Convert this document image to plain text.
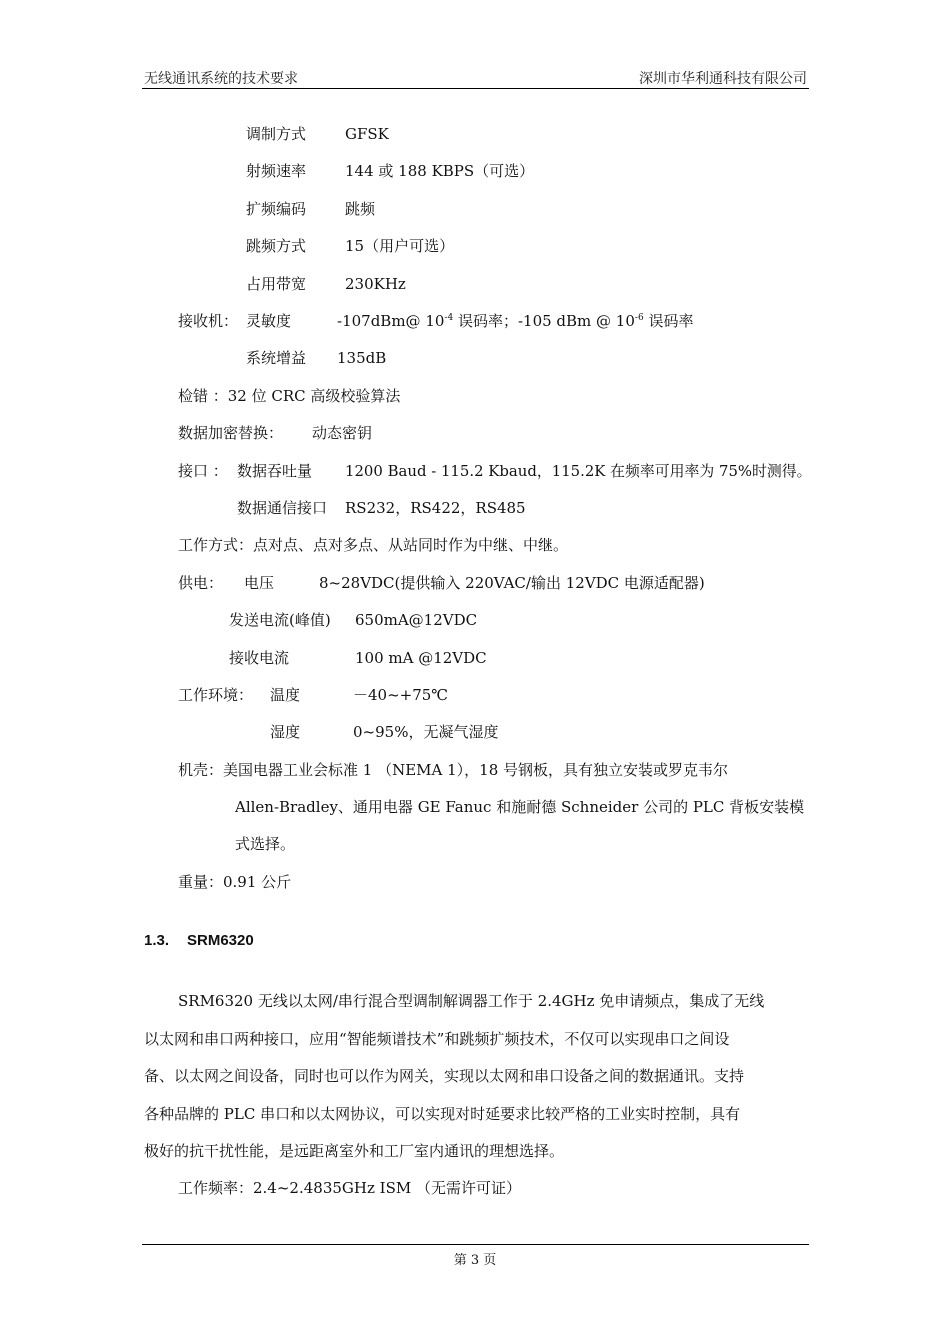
无线通讯系统的技术要求	深圳市华利通科技有限公司
调制方式	GFSK
射频速率	144 或 188 KBPS（可选）
扩频编码	跳频
跳频方式	15（用户可选）
占用带宽	230KHz
接收机： 灵敏度	-107dBm@ $10^{-4}$ 误码率；-105 dBm @ $10^{-6}$ 误码率
系统增益 135dB
检错 ：32 位 CRC 高级校验算法
数据加密替换： 动态密钥
接口 ： 数据吞吐量 1200 Baud - 115.2 Kbaud，115.2K 在频率可用率为 75%时测得。
数据通信接口 RS232，RS422，RS485
工作方式：点对点、点对多点、从站同时作为中继、中继。
供电： 电压	8~28VDC(提供输入 220VAC/输出 12VDC 电源适配器)
发送电流(峰值) 650mA@12VDC
接收电流	100 mA @12VDC
工作环境： 温度	－40~+75℃
湿度	0~95%，无凝气湿度
机壳：美国电器工业会标准 1 （NEMA 1），18 号钢板，具有独立安装或罗克韦尔
Allen-Bradley、通用电器 GE Fanuc 和施耐德 Schneider 公司的 PLC 背板安装模
式选择。
重量：0.91 公斤
1.3. SRM6320
SRM6320 无线以太网/串行混合型调制解调器工作于 2.4GHz 免申请频点，集成了无线
以太网和串口两种接口，应用“智能频谱技术”和跳频扩频技术，不仅可以实现串口之间设
备、以太网之间设备，同时也可以作为网关，实现以太网和串口设备之间的数据通讯。支持
各种品牌的 PLC 串口和以太网协议，可以实现对时延要求比较严格的工业实时控制，具有
极好的抗干扰性能，是远距离室外和工厂室内通讯的理想选择。
工作频率：2.4~2.4835GHz ISM （无需许可证）
第 3 页
